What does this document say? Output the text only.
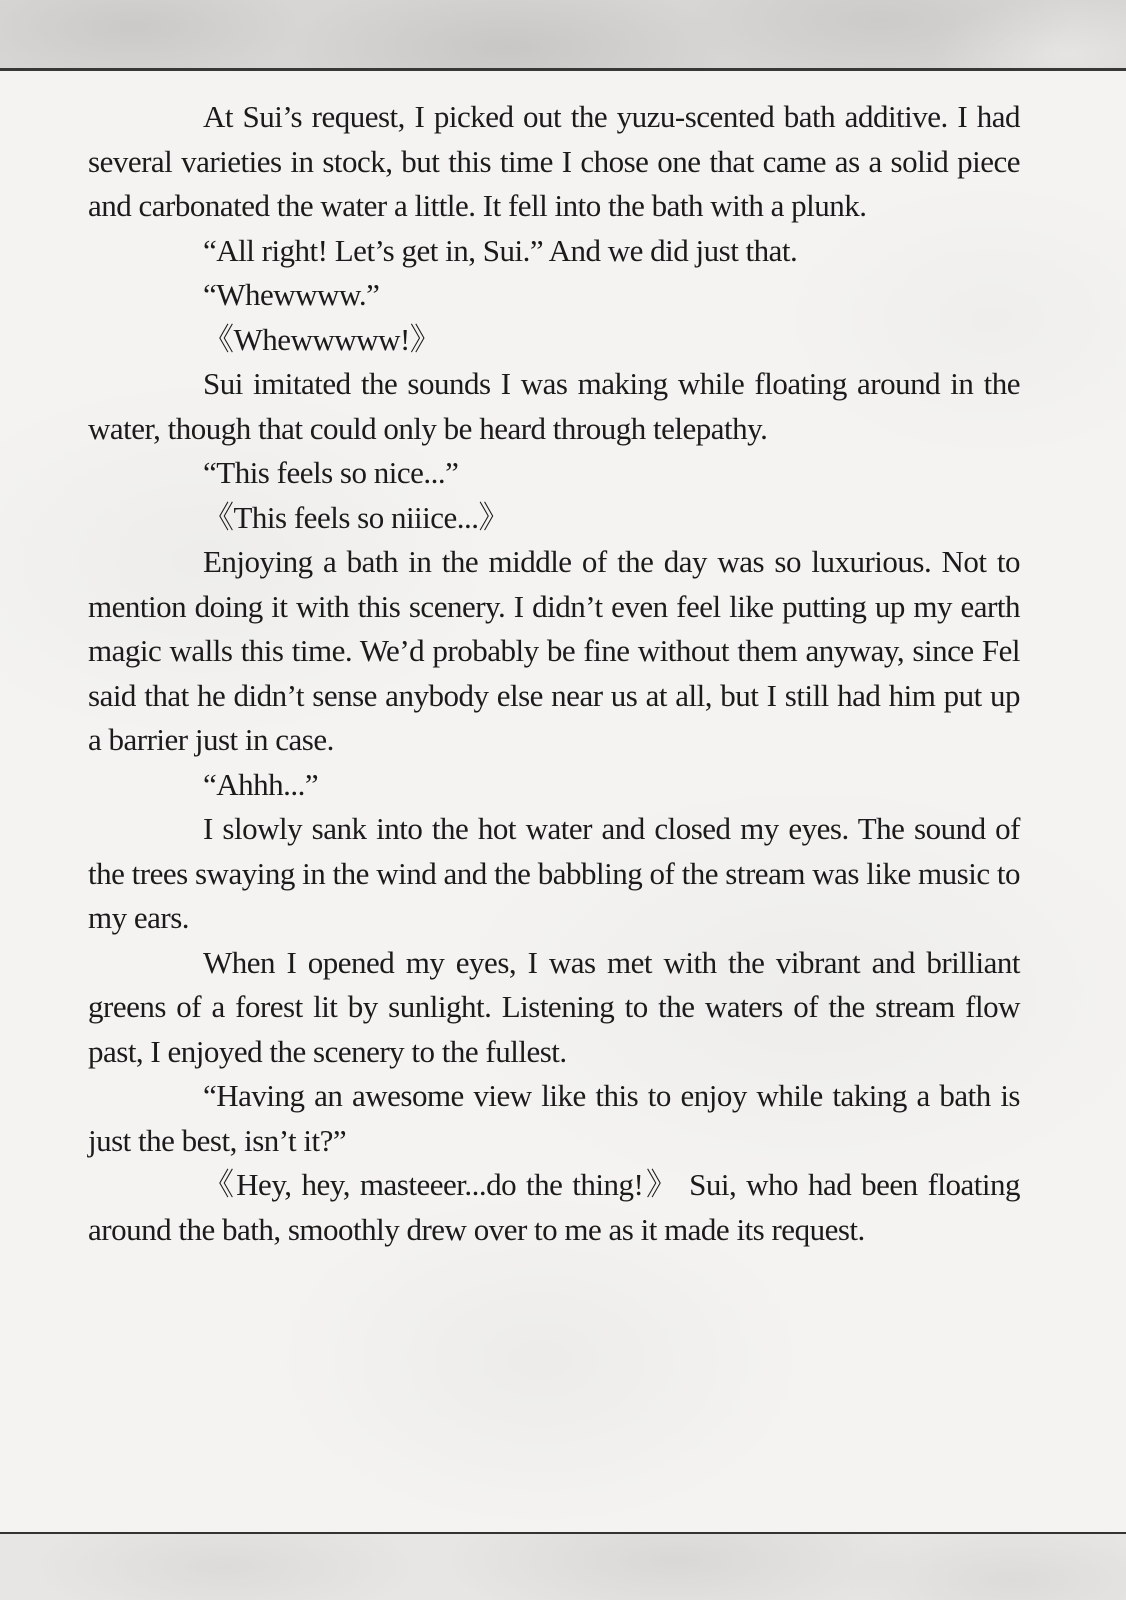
At Sui’s request, I picked out the yuzu-scented bath additive. I had several varieties in stock, but this time I chose one that came as a solid piece and carbonated the water a little. It fell into the bath with a plunk.

“All right! Let’s get in, Sui.” And we did just that.

“Whewwww.”

《Whewwwww!》

Sui imitated the sounds I was making while floating around in the water, though that could only be heard through telepathy.

“This feels so nice...”

《This feels so niiice...》

Enjoying a bath in the middle of the day was so luxurious. Not to mention doing it with this scenery. I didn’t even feel like putting up my earth magic walls this time. We’d probably be fine without them anyway, since Fel said that he didn’t sense anybody else near us at all, but I still had him put up a barrier just in case.

“Ahhh...”

I slowly sank into the hot water and closed my eyes. The sound of the trees swaying in the wind and the babbling of the stream was like music to my ears.

When I opened my eyes, I was met with the vibrant and brilliant greens of a forest lit by sunlight. Listening to the waters of the stream flow past, I enjoyed the scenery to the fullest.

“Having an awesome view like this to enjoy while taking a bath is just the best, isn’t it?”

《Hey, hey, masteeer...do the thing!》 Sui, who had been floating around the bath, smoothly drew over to me as it made its request.
